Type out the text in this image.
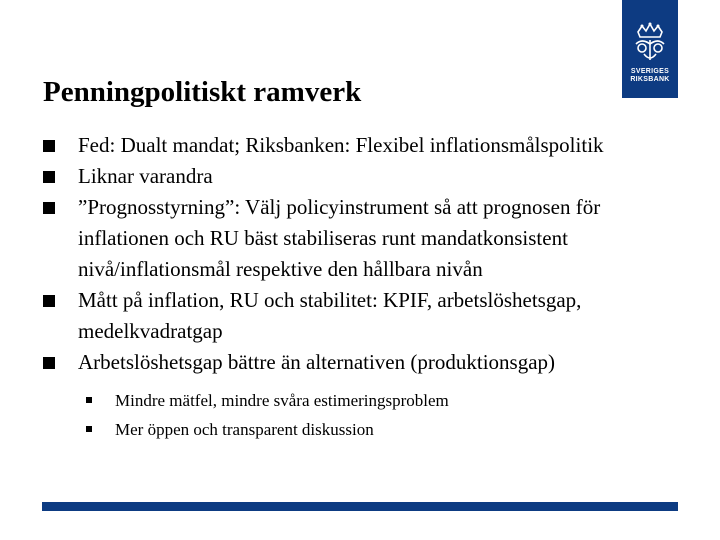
SVERIGES
RIKSBANK
Penningpolitiskt ramverk
Fed: Dualt mandat; Riksbanken: Flexibel inflationsmålspolitik
Liknar varandra
”Prognosstyrning”: Välj policyinstrument så att prognosen för inflationen och RU bäst stabiliseras runt mandatkonsistent nivå/inflationsmål respektive den hållbara nivån
Mått på inflation, RU och stabilitet: KPIF, arbetslöshetsgap, medelkvadratgap
Arbetslöshetsgap bättre än alternativen (produktionsgap)
Mindre mätfel, mindre svåra estimeringsproblem
Mer öppen och transparent diskussion
